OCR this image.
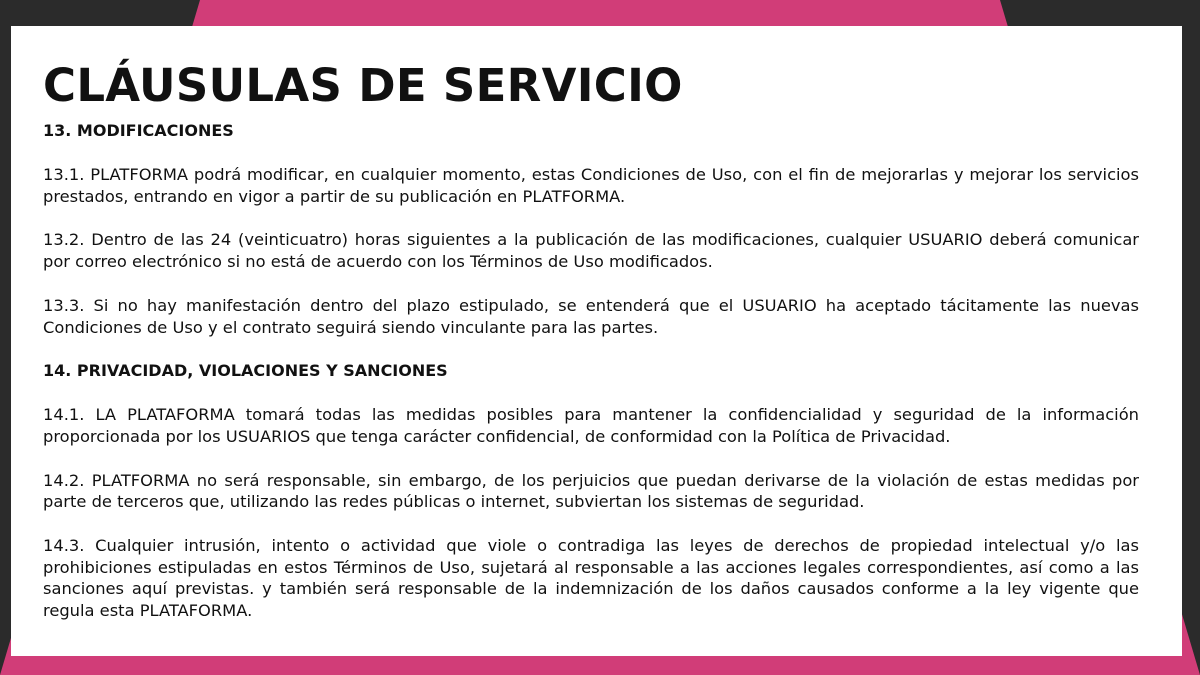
CLÁUSULAS DE SERVICIO
13. MODIFICACIONES

13.1. PLATFORMA podrá modificar, en cualquier momento, estas Condiciones de Uso, con el fin de mejorarlas y mejorar los servicios prestados, entrando en vigor a partir de su publicación en PLATFORMA.

13.2. Dentro de las 24 (veinticuatro) horas siguientes a la publicación de las modificaciones, cualquier USUARIO deberá comunicar por correo electrónico si no está de acuerdo con los Términos de Uso modificados.

13.3. Si no hay manifestación dentro del plazo estipulado, se entenderá que el USUARIO ha aceptado tácitamente las nuevas Condiciones de Uso y el contrato seguirá siendo vinculante para las partes.

14. PRIVACIDAD, VIOLACIONES Y SANCIONES

14.1. LA PLATAFORMA tomará todas las medidas posibles para mantener la confidencialidad y seguridad de la información proporcionada por los USUARIOS que tenga carácter confidencial, de conformidad con la Política de Privacidad.

14.2. PLATFORMA no será responsable, sin embargo, de los perjuicios que puedan derivarse de la violación de estas medidas por parte de terceros que, utilizando las redes públicas o internet, subviertan los sistemas de seguridad.

14.3. Cualquier intrusión, intento o actividad que viole o contradiga las leyes de derechos de propiedad intelectual y/o las prohibiciones estipuladas en estos Términos de Uso, sujetará al responsable a las acciones legales correspondientes, así como a las sanciones aquí previstas. y también será responsable de la indemnización de los daños causados conforme a la ley vigente que regula esta PLATAFORMA.
